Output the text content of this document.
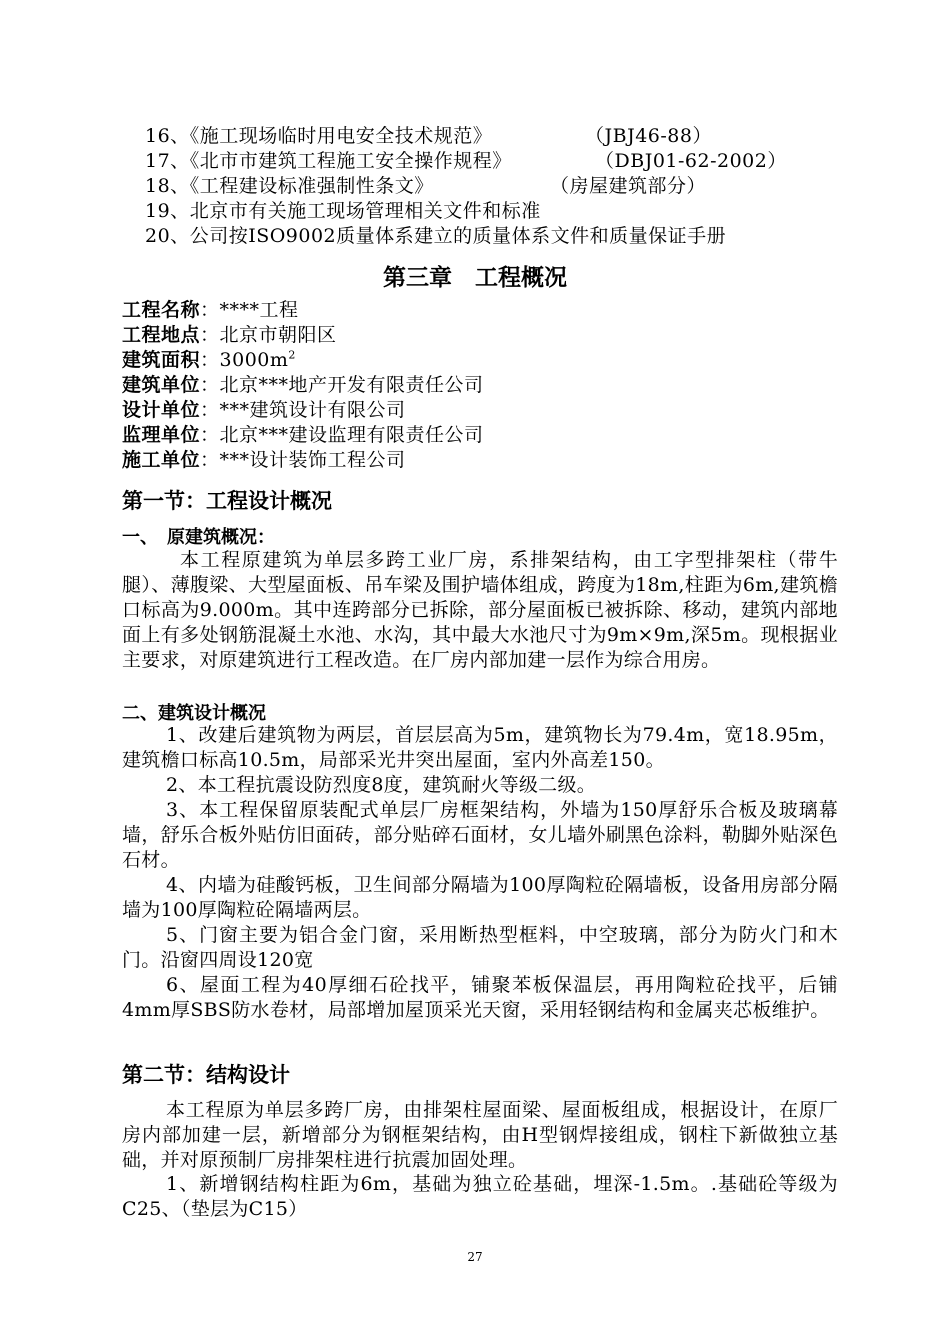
16、《施工现场临时用电安全技术规范》	（JBJ46-88）
17、《北市市建筑工程施工安全操作规程》	（DBJ01-62-2002）
18、《工程建设标准强制性条文》	（房屋建筑部分）
19、北京市有关施工现场管理相关文件和标准
20、公司按ISO9002质量体系建立的质量体系文件和质量保证手册
第三章　工程概况
工程名称：****工程
工程地点：北京市朝阳区
建筑面积：$3000m^2$
建筑单位：北京***地产开发有限责任公司
设计单位：***建筑设计有限公司
监理单位：北京***建设监理有限责任公司
施工单位：***设计装饰工程公司
第一节：工程设计概况
一、　原建筑概况：
本工程原建筑为单层多跨工业厂房，系排架结构，由工字型排架柱（带牛腿）、薄腹梁、大型屋面板、吊车梁及围护墙体组成，跨度为18m,柱距为6m,建筑檐口标高为9.000m。其中连跨部分已拆除，部分屋面板已被拆除、移动，建筑内部地面上有多处钢筋混凝土水池、水沟，其中最大水池尺寸为9m×9m,深5m。现根据业主要求，对原建筑进行工程改造。在厂房内部加建一层作为综合用房。
二、建筑设计概况
1、改建后建筑物为两层，首层层高为5m，建筑物长为79.4m，宽18.95m，建筑檐口标高10.5m，局部采光井突出屋面，室内外高差150。
2、本工程抗震设防烈度8度，建筑耐火等级二级。
3、本工程保留原装配式单层厂房框架结构，外墙为150厚舒乐合板及玻璃幕墙，舒乐合板外贴仿旧面砖，部分贴碎石面材，女儿墙外刷黑色涂料，勒脚外贴深色石材。
4、内墙为硅酸钙板，卫生间部分隔墙为100厚陶粒砼隔墙板，设备用房部分隔墙为100厚陶粒砼隔墙两层。
5、门窗主要为铝合金门窗，采用断热型框料，中空玻璃，部分为防火门和木门。沿窗四周设120宽
6、屋面工程为40厚细石砼找平，铺聚苯板保温层，再用陶粒砼找平，后铺4mm厚SBS防水卷材，局部增加屋顶采光天窗，采用轻钢结构和金属夹芯板维护。
第二节：结构设计
本工程原为单层多跨厂房，由排架柱屋面梁、屋面板组成，根据设计，在原厂房内部加建一层，新增部分为钢框架结构，由H型钢焊接组成，钢柱下新做独立基础，并对原预制厂房排架柱进行抗震加固处理。
1、新增钢结构柱距为6m，基础为独立砼基础，埋深-1.5m。.基础砼等级为C25、（垫层为C15）
27
